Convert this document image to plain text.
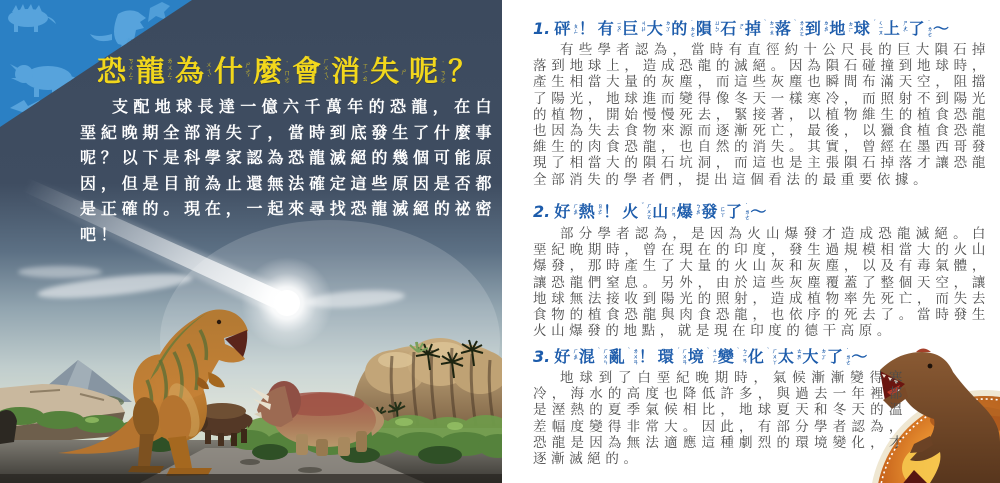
恐 ㄎㄨㄥˇ 龍 ㄌㄨㄥˊ 為 ㄨㄟˋ 什 ㄕㄜˊ 麼 ˙ㄇㄜ 會 ㄏㄨㄟˋ 消 ㄒㄧㄠ 失 ㄕ 呢 ˙ㄋㄜ ？

支配地球長達一億六千萬年的恐龍，在白堊紀晚期全部消失了，當時到底發生了什麼事呢？以下是科學家認為恐龍滅絕的幾個可能原因，但是目前為止還無法確定這些原因是否都是正確的。現在，一起來尋找恐龍滅絕的祕密吧！

1. 砰 ㄆㄥ ！ 有 ㄧㄡˇ 巨 ㄐㄩˋ 大 ㄉㄚˋ 的 ˙ㄉㄜ 隕 ㄩㄣˇ 石 ㄕˊ 掉	ㄉㄧㄠˋ 落	ㄌㄨㄛˋ 到 ㄉㄠˋ 地 ㄉㄧˋ 球	ㄑㄧㄡˊ 上 ㄕㄤˋ 了 ˙ㄌㄜ ～

有些學者認為，當時有直徑約十公尺長的巨大隕石掉落到地球上，造成恐龍的滅絕。因為隕石碰撞到地球時，產生相當大量的灰塵，而這些灰塵也瞬間布滿天空，阻擋了陽光，地球進而變得像冬天一樣寒冷，而照射不到陽光的植物，開始慢慢死去，緊接著，以植物維生的植食恐龍也因為失去食物來源而逐漸死亡，最後，以獵食植食恐龍維生的肉食恐龍，也自然的消失。其實，曾經在墨西哥發現了相當大的隕石坑洞，而這也是主張隕石掉落才讓恐龍全部消失的學者們，提出這個看法的最重要依據。

2. 好 ㄏㄠˇ 熱 ㄖㄜˋ ！ 火	ㄏㄨㄛˇ 山 ㄕㄢ 爆 ㄅㄠˋ 發 ㄈㄚ 了 ˙ㄌㄜ ～

部分學者認為，是因為火山爆發才造成恐龍滅絕。白堊紀晚期時，曾在現在的印度，發生過規模相當大的火山爆發，那時產生了大量的火山灰和灰塵，以及有毒氣體，讓恐龍們窒息。另外，由於這些灰塵覆蓋了整個天空，讓地球無法接收到陽光的照射，造成植物率先死亡，而失去食物的植食恐龍與肉食恐龍，也依序的死去了。當時發生火山爆發的地點，就是現在印度的德干高原。

3. 好 ㄏㄠˇ 混	ㄏㄨㄣˋ 亂	ㄌㄨㄢˋ ！ 環	ㄏㄨㄢˊ 境	ㄐㄧㄥˋ 變	ㄅㄧㄢˋ 化	ㄏㄨㄚˋ 太 ㄊㄞˋ 大 ㄉㄚˋ 了 ˙ㄌㄜ ～

地球到了白堊紀晚期時，氣候漸漸變得寒冷，海水的高度也降低許多，與過去一年裡都是溼熱的夏季氣候相比，地球夏天和冬天的溫差幅度變得非常大。因此，有部分學者認為，恐龍是因為無法適應這種劇烈的環境變化，才逐漸滅絕的。
